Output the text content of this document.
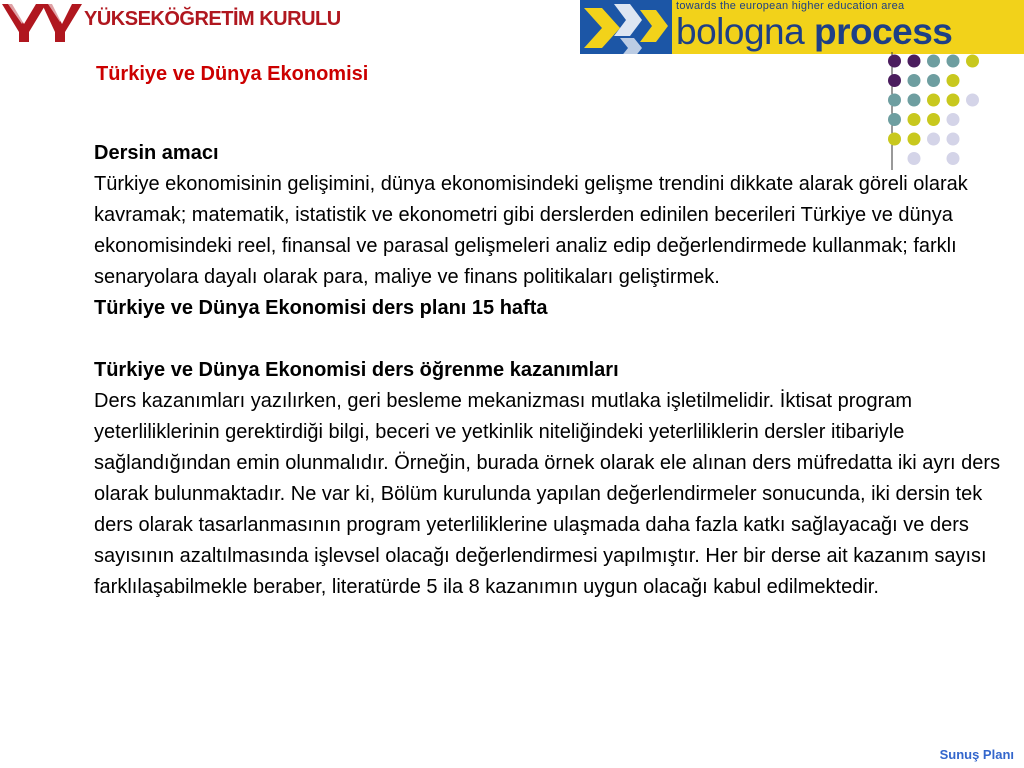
YÜKSEKÖĞRETİM KURULU
towards the european higher education area
bologna process
Türkiye ve Dünya Ekonomisi

Dersin amacı

Türkiye ekonomisinin gelişimini, dünya ekonomisindeki gelişme trendini dikkate alarak göreli olarak kavramak; matematik, istatistik ve ekonometri gibi derslerden edinilen becerileri Türkiye ve dünya ekonomisindeki reel, finansal ve parasal gelişmeleri analiz edip değerlendirmede kullanmak; farklı senaryolara dayalı olarak para, maliye ve finans politikaları geliştirmek.

Türkiye ve Dünya Ekonomisi ders planı 15 hafta

Türkiye ve Dünya Ekonomisi ders öğrenme kazanımları

Ders kazanımları yazılırken, geri besleme mekanizması mutlaka işletilmelidir. İktisat program yeterliliklerinin gerektirdiği bilgi, beceri ve yetkinlik niteliğindeki yeterliliklerin dersler itibariyle sağlandığından emin olunmalıdır. Örneğin, burada örnek olarak ele alınan ders müfredatta iki ayrı ders olarak bulunmaktadır. Ne var ki, Bölüm kurulunda yapılan değerlendirmeler sonucunda, iki dersin tek ders olarak tasarlanmasının program yeterliliklerine ulaşmada daha fazla katkı sağlayacağı ve ders sayısının azaltılmasında işlevsel olacağı değerlendirmesi yapılmıştır. Her bir derse ait kazanım sayısı farklılaşabilmekle beraber, literatürde 5 ila 8 kazanımın uygun olacağı kabul edilmektedir.

Sunuş Planı
